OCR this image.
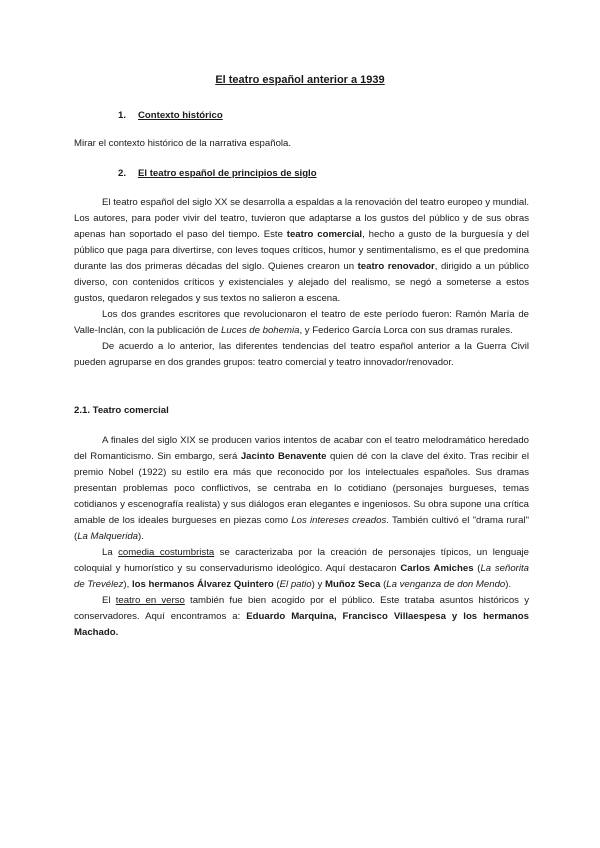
El teatro español anterior a 1939
1. Contexto histórico

Mirar el contexto histórico de la narrativa española.

2. El teatro español de principios de siglo

El teatro español del siglo XX se desarrolla a espaldas a la renovación del teatro europeo y mundial. Los autores, para poder vivir del teatro, tuvieron que adaptarse a los gustos del público y de sus obras apenas han soportado el paso del tiempo. Este teatro comercial, hecho a gusto de la burguesía y del público que paga para divertirse, con leves toques críticos, humor y sentimentalismo, es el que predomina durante las dos primeras décadas del siglo. Quienes crearon un teatro renovador, dirigido a un público diverso, con contenidos críticos y existenciales y alejado del realismo, se negó a someterse a estos gustos, quedaron relegados y sus textos no salieron a escena.

Los dos grandes escritores que revolucionaron el teatro de este período fueron: Ramón María de Valle-Inclán, con la publicación de Luces de bohemia, y Federico García Lorca con sus dramas rurales.

De acuerdo a lo anterior, las diferentes tendencias del teatro español anterior a la Guerra Civil pueden agruparse en dos grandes grupos: teatro comercial y teatro innovador/renovador.

2.1. Teatro comercial

A finales del siglo XIX se producen varios intentos de acabar con el teatro melodramático heredado del Romanticismo. Sin embargo, será Jacinto Benavente quien dé con la clave del éxito. Tras recibir el premio Nobel (1922) su estilo era más que reconocido por los intelectuales españoles. Sus dramas presentan problemas poco conflictivos, se centraba en lo cotidiano (personajes burgueses, temas cotidianos y escenografía realista) y sus diálogos eran elegantes e ingeniosos. Su obra supone una crítica amable de los ideales burgueses en piezas como Los intereses creados. También cultivó el "drama rural" (La Malquerida).

La comedia costumbrista se caracterizaba por la creación de personajes típicos, un lenguaje coloquial y humorístico y su conservadurismo ideológico. Aquí destacaron Carlos Amiches (La señorita de Trevélez), los hermanos Álvarez Quintero (El patio) y Muñoz Seca (La venganza de don Mendo).

El teatro en verso también fue bien acogido por el público. Este trataba asuntos históricos y conservadores. Aquí encontramos a: Eduardo Marquina, Francisco Villaespesa y los hermanos Machado.
